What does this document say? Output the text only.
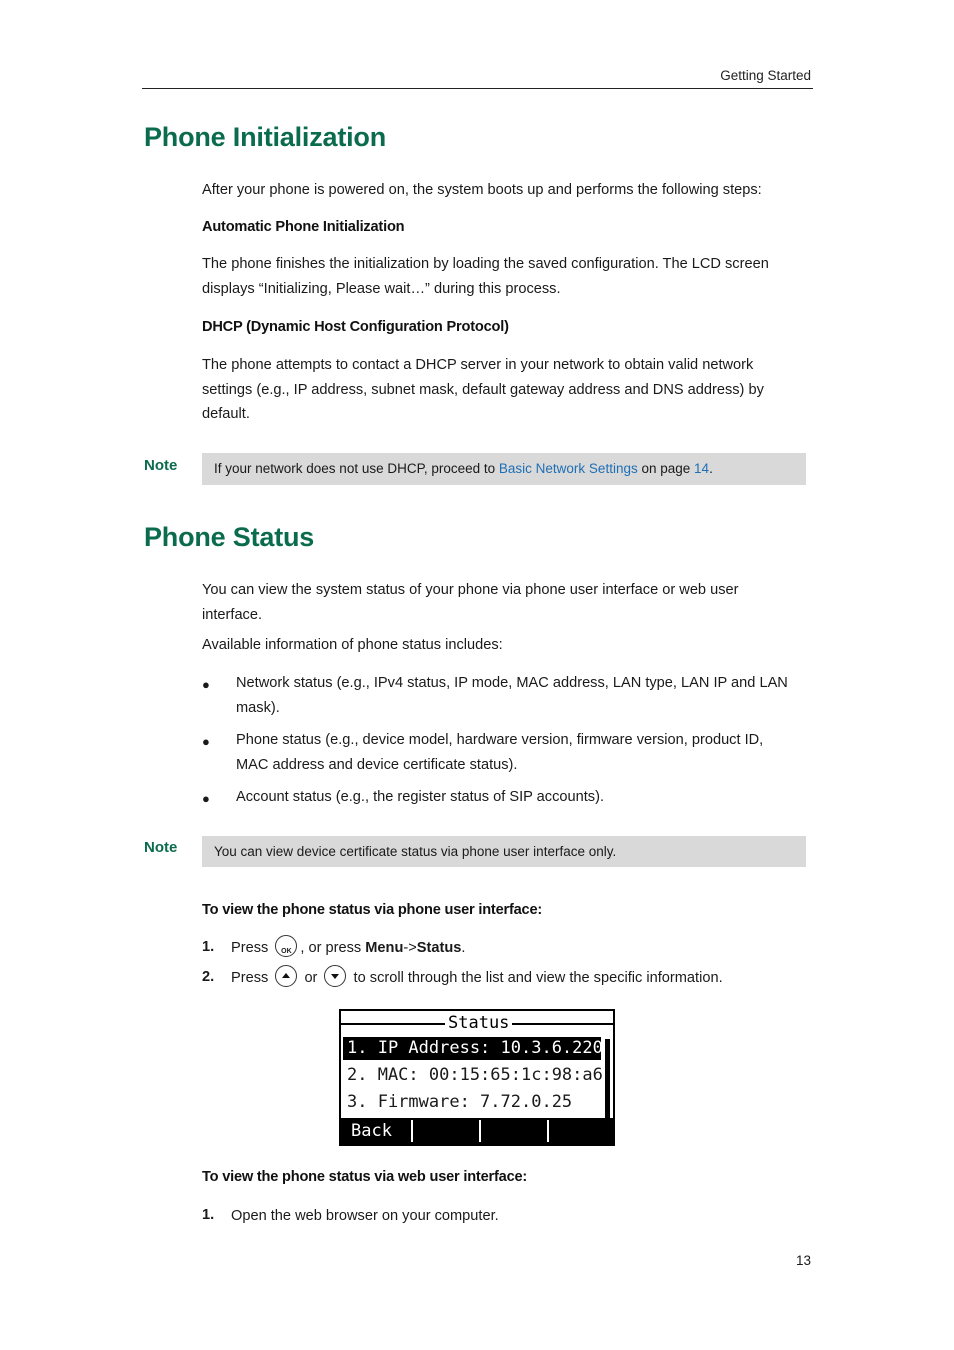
Getting Started
Phone Initialization
After your phone is powered on, the system boots up and performs the following steps:
Automatic Phone Initialization
The phone finishes the initialization by loading the saved configuration. The LCD screen
displays “Initializing, Please wait…” during this process.
DHCP (Dynamic Host Configuration Protocol)
The phone attempts to contact a DHCP server in your network to obtain valid network
settings (e.g., IP address, subnet mask, default gateway address and DNS address) by
default.
Note	If your network does not use DHCP, proceed to Basic Network Settings on page 14.
Phone Status
You can view the system status of your phone via phone user interface or web user
interface.
Available information of phone status includes:
● Network status (e.g., IPv4 status, IP mode, MAC address, LAN type, LAN IP and LAN
mask).
● Phone status (e.g., device model, hardware version, firmware version, product ID,
MAC address and device certificate status).
● Account status (e.g., the register status of SIP accounts).
Note	You can view device certificate status via phone user interface only.
To view the phone status via phone user interface:
1. Press	OK , or press Menu->Status.
2. Press or to scroll through the list and view the specific information.
Status
1. IP Address: 10.3.6.220
2. MAC: 00:15:65:1c:98:a6
3. Firmware: 7.72.0.25
Back
To view the phone status via web user interface:
1. Open the web browser on your computer.
13
